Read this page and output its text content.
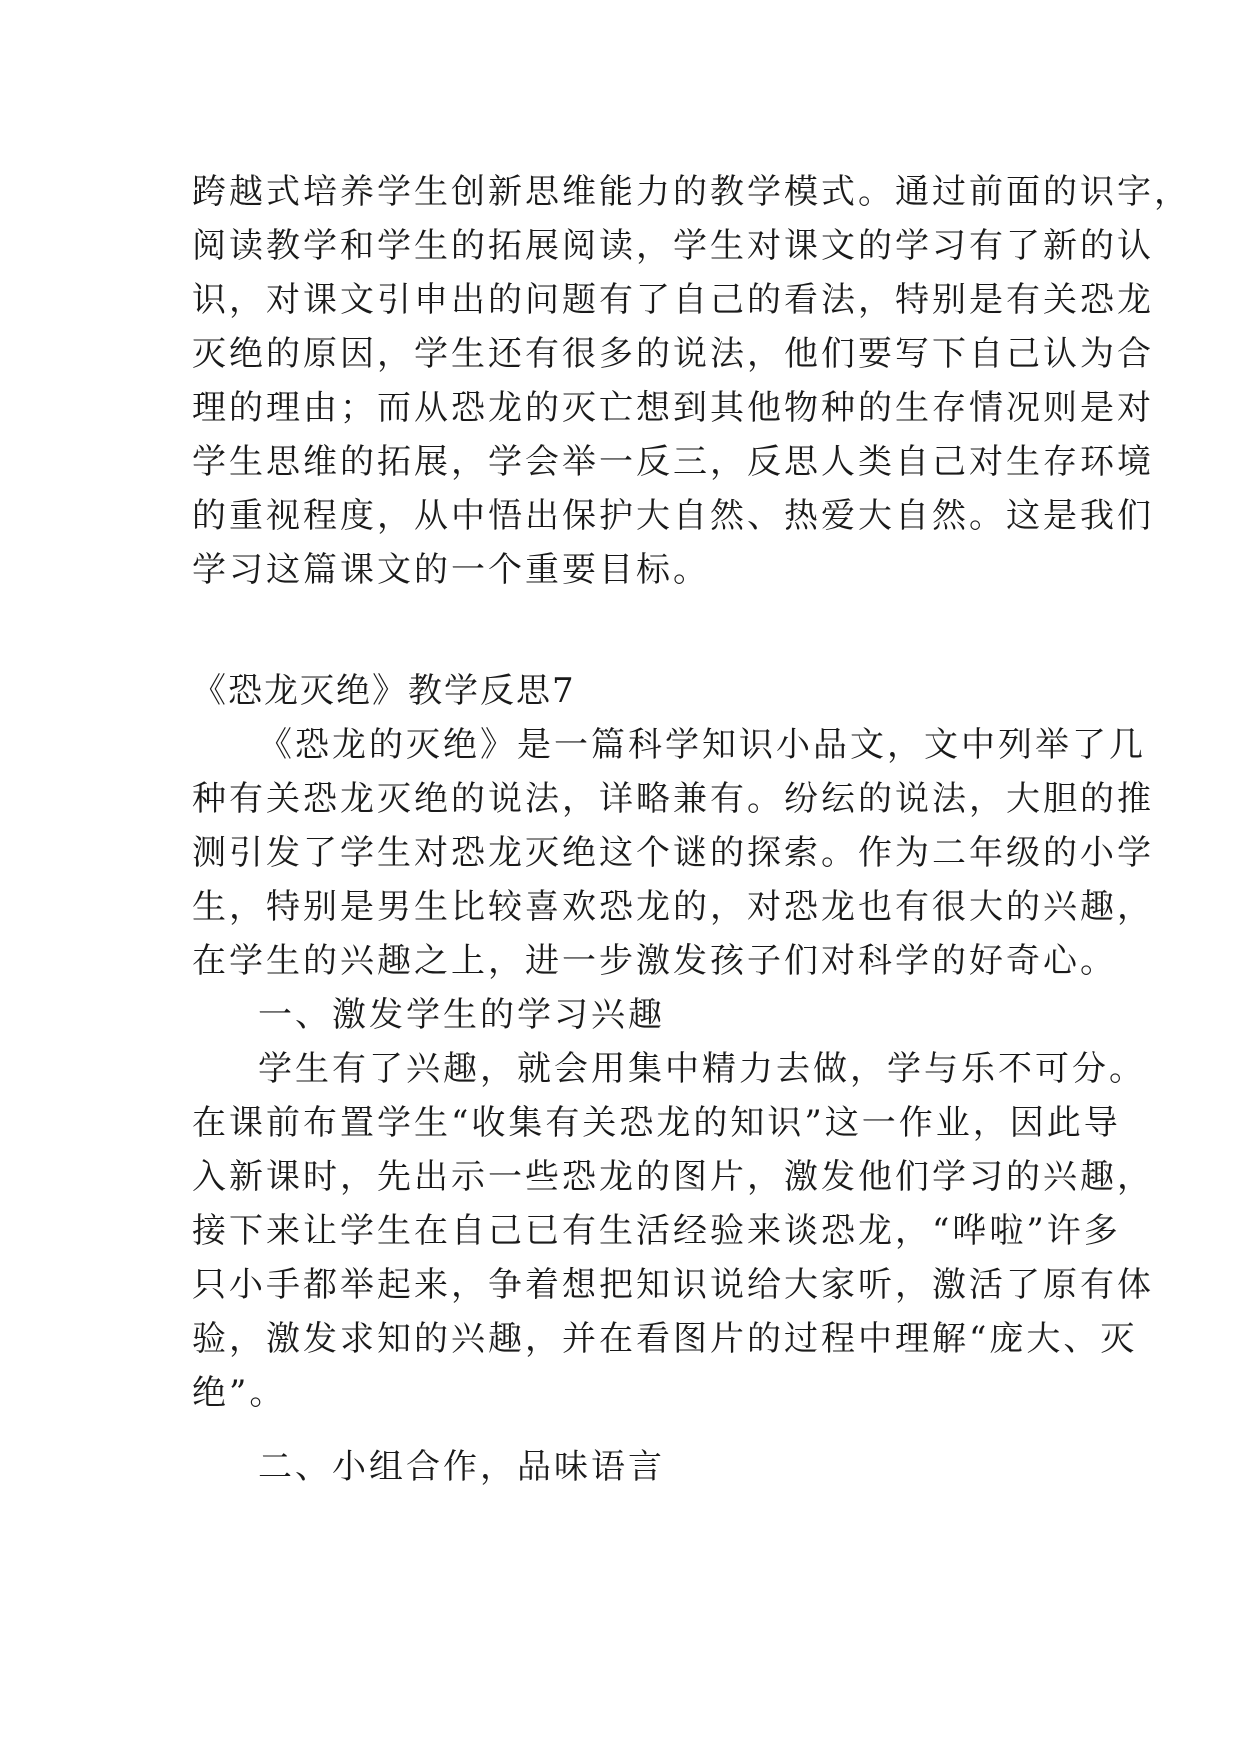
跨越式培养学生创新思维能力的教学模式。通过前面的识字，
阅读教学和学生的拓展阅读，学生对课文的学习有了新的认
识，对课文引申出的问题有了自己的看法，特别是有关恐龙
灭绝的原因，学生还有很多的说法，他们要写下自己认为合
理的理由；而从恐龙的灭亡想到其他物种的生存情况则是对
学生思维的拓展，学会举一反三，反思人类自己对生存环境
的重视程度，从中悟出保护大自然、热爱大自然。这是我们
学习这篇课文的一个重要目标。
《恐龙灭绝》教学反思7
《恐龙的灭绝》是一篇科学知识小品文，文中列举了几
种有关恐龙灭绝的说法，详略兼有。纷纭的说法，大胆的推
测引发了学生对恐龙灭绝这个谜的探索。作为二年级的小学
生，特别是男生比较喜欢恐龙的，对恐龙也有很大的兴趣，
在学生的兴趣之上，进一步激发孩子们对科学的好奇心。
一、激发学生的学习兴趣
学生有了兴趣，就会用集中精力去做，学与乐不可分。
在课前布置学生“收集有关恐龙的知识”这一作业，因此导
入新课时，先出示一些恐龙的图片，激发他们学习的兴趣，
接下来让学生在自己已有生活经验来谈恐龙，“哗啦”许多
只小手都举起来，争着想把知识说给大家听，激活了原有体
验，激发求知的兴趣，并在看图片的过程中理解“庞大、灭
绝”。
二、小组合作，品味语言
